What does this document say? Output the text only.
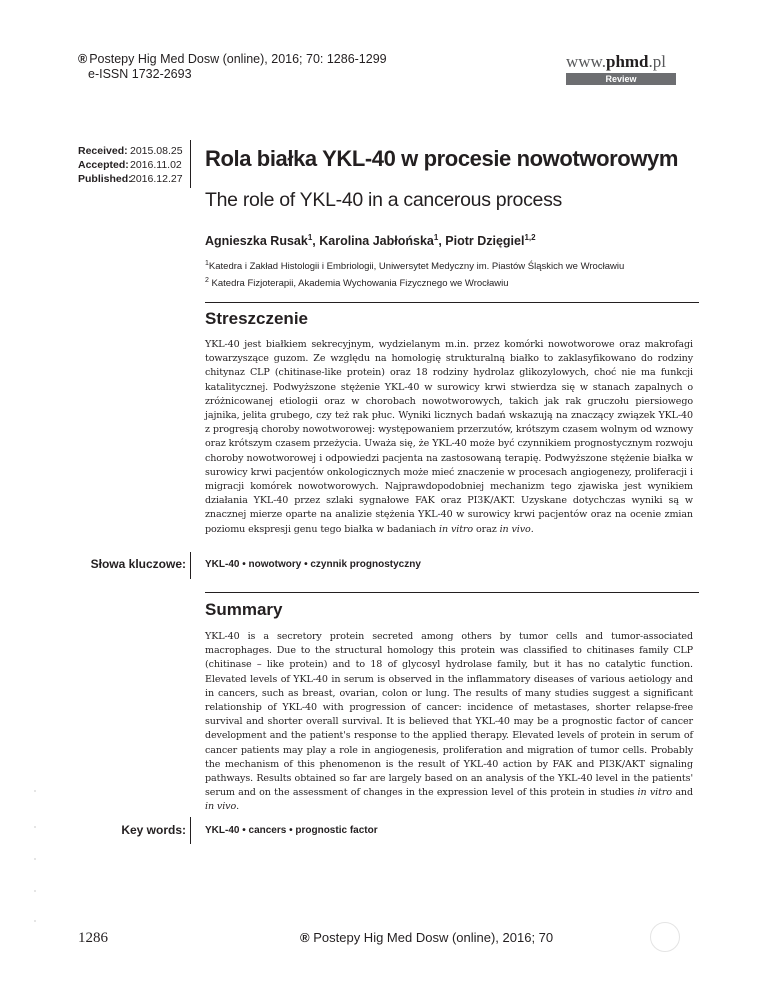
® Postepy Hig Med Dosw (online), 2016; 70: 1286-1299
e-ISSN 1732-2693
www.phmd.pl
Review
Received: 2015.08.25
Accepted: 2016.11.02
Published:
2016.12.27
Rola białka YKL-40 w procesie nowotworowym
The role of YKL-40 in a cancerous process
Agnieszka Rusak$^1$, Karolina Jabłońska$^1$, Piotr Dzięgiel$^{1,2}$
$^1$Katedra i Zakład Histologii i Embriologii, Uniwersytet Medyczny im. Piastów Śląskich we Wrocławiu
$^2$ Katedra Fizjoterapii, Akademia Wychowania Fizycznego we Wrocławiu
Streszczenie
YKL-40 jest białkiem sekrecyjnym, wydzielanym m.in. przez komórki nowotworowe oraz makrofagi towarzyszące guzom. Ze względu na homologię strukturalną białko to zaklasyfikowano do rodziny chitynaz CLP (chitinase-like protein) oraz 18 rodziny hydrolaz glikozylowych, choć nie ma funkcji katalitycznej. Podwyższone stężenie YKL-40 w surowicy krwi stwierdza się w stanach zapalnych o zróżnicowanej etiologii oraz w chorobach nowotworowych, takich jak rak gruczołu piersiowego jajnika, jelita grubego, czy też rak płuc. Wyniki licznych badań wskazują na znaczący związek YKL-40 z progresją choroby nowotworowej: występowaniem przerzutów, krótszym czasem wolnym od wznowy oraz krótszym czasem przeżycia. Uważa się, że YKL-40 może być czynnikiem prognostycznym rozwoju choroby nowotworowej i odpowiedzi pacjenta na zastosowaną terapię. Podwyższone stężenie białka w surowicy krwi pacjentów onkologicznych może mieć znaczenie w procesach angiogenezy, proliferacji i migracji komórek nowotworowych. Najprawdopodobniej mechanizm tego zjawiska jest wynikiem działania YKL-40 przez szlaki sygnałowe FAK oraz PI3K/AKT. Uzyskane dotychczas wyniki są w znacznej mierze oparte na analizie stężenia YKL-40 w surowicy krwi pacjentów oraz na ocenie zmian poziomu ekspresji genu tego białka w badaniach in vitro oraz in vivo.
Słowa kluczowe: YKL-40 • nowotwory • czynnik prognostyczny
Summary
YKL-40 is a secretory protein secreted among others by tumor cells and tumor-associated macrophages. Due to the structural homology this protein was classified to chitinases family CLP (chitinase – like protein) and to 18 of glycosyl hydrolase family, but it has no catalytic function. Elevated levels of YKL-40 in serum is observed in the inflammatory diseases of various aetiology and in cancers, such as breast, ovarian, colon or lung. The results of many studies suggest a significant relationship of YKL-40 with progression of cancer: incidence of metastases, shorter relapse-free survival and shorter overall survival. It is believed that YKL-40 may be a prognostic factor of cancer development and the patient's response to the applied therapy. Elevated levels of protein in serum of cancer patients may play a role in angiogenesis, proliferation and migration of tumor cells. Probably the mechanism of this phenomenon is the result of YKL-40 action by FAK and PI3K/AKT signaling pathways. Results obtained so far are largely based on an analysis of the YKL-40 level in the patients' serum and on the assessment of changes in the expression level of this protein in studies in vitro and in vivo.
Key words: YKL-40 • cancers • prognostic factor
1286	® Postepy Hig Med Dosw (online), 2016; 70
